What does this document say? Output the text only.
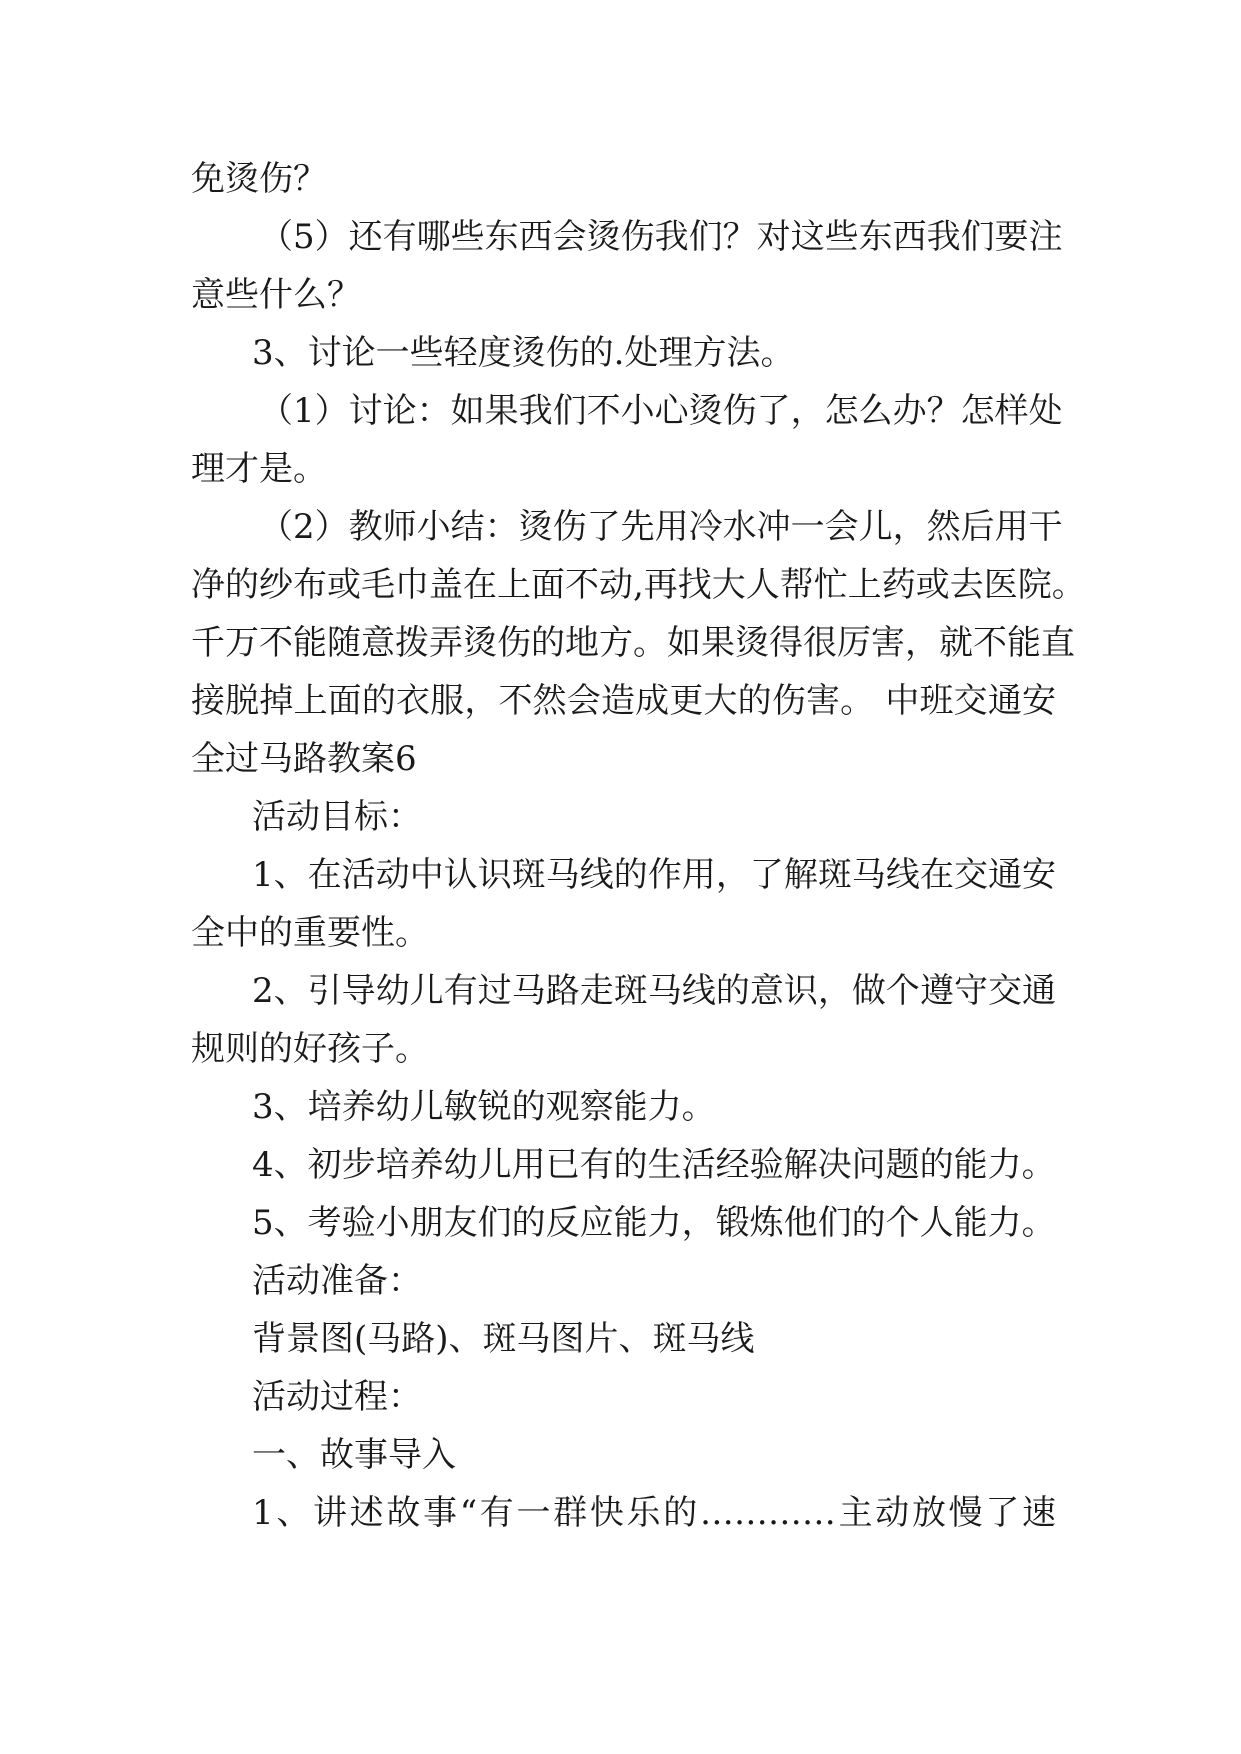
免烫伤？
（5）还有哪些东西会烫伤我们？对这些东西我们要注
意些什么？
3、讨论一些轻度烫伤的.处理方法。
（1）讨论：如果我们不小心烫伤了，怎么办？怎样处
理才是。
（2）教师小结：烫伤了先用冷水冲一会儿，然后用干
净的纱布或毛巾盖在上面不动,再找大人帮忙上药或去医院。
千万不能随意拨弄烫伤的地方。如果烫得很厉害，就不能直
接脱掉上面的衣服，不然会造成更大的伤害。 中班交通安
全过马路教案6
活动目标：
1、在活动中认识斑马线的作用，了解斑马线在交通安
全中的重要性。
2、引导幼儿有过马路走斑马线的意识，做个遵守交通
规则的好孩子。
3、培养幼儿敏锐的观察能力。
4、初步培养幼儿用已有的生活经验解决问题的能力。
5、考验小朋友们的反应能力，锻炼他们的个人能力。
活动准备：
背景图(马路)、斑马图片、斑马线
活动过程：
一、故事导入
1、讲述故事“有一群快乐的…………主动放慢了速
